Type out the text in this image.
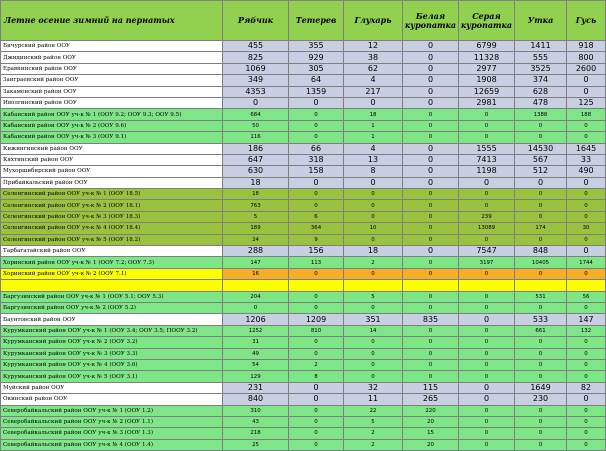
Летне осение зимний на пернатых	Рябчик	Тетерев	Глухарь	Белая куропатка	Серая куропатка	Утка	Гусь
Бичурский район ООУ	455	355	12	0	6799	1411	918
Джидинский район ООУ	825	929	38	0	11328	555	800
Еравнинский район ООУ	1069	305	62	0	2977	3525	2600
Заиграевский район ООУ	349	64	4	0	1908	374	0
Закаменский район ООУ	4353	1359	217	0	12659	628	0
Иволгинский район ООУ	0	0	0	0	2981	478	125
Кабанский район ООУ уч-к № 1 (ООУ 9.2; ООУ 9.3; ООУ 9.5)	684	0	18	0	0	1388	188
Кабанский район ООУ уч-к № 2 (ООУ 9.6)	50	0	1	0	0	0	0
Кабанский район ООУ уч-к № 3 (ООУ 9.1)	116	0	1	0	0	0	0
Кижингинский район ООУ	186	66	4	0	1555	14530	1645
Кяхтинский район ООУ	647	318	13	0	7413	567	33
Мухоршибирский район ООУ	630	158	8	0	1198	512	490
Прибайкальский район ООУ	18	0	0	0	0	0	0
Селенгинский район ООУ уч-к № 1 (ООУ 18.5)	18	0	0	0	0	0	0
Селенгинский район ООУ уч-к № 2 (ООУ 18.1)	763	0	0	0	0	0	0
Селенгинский район ООУ уч-к № 3 (ООУ 18.3)	5	6	0	0	239	0	0
Селенгинский район ООУ уч-к № 4 (ООУ 18.4)	189	364	10	0	13089	174	30
Селенгинский район ООУ уч-к № 5 (ООУ 18.2)	24	9	0	0	0	0	0
Тарбагатайский район ООУ	288	156	18	0	7547	848	0
Хоринский район ООУ уч-к № 1 (ООУ 7.2; ООУ 7.3)	147	113	2	0	3197	10405	1744
Хоринский район ООУ уч-к № 2 (ООУ 7.1)	16	0	0	0	0	0	0

Баргузинский район ООУ уч-к № 1 (ООУ 5.1; ООУ 5.3)	204	0	5	0	0	531	56
Баргузинский район ООУ уч-к № 2 (ООУ 5.2)	0	0	0	0	0	0	0
Баунтовский район ООУ	1206	1209	351	835	0	533	147
Курумканский район ООУ уч-к № 1 (ООУ 3.4; ООУ 3.5; ПООУ 3.2)	1252	810	14	0	0	661	132
Курумканский район ООУ уч-к № 2 (ООУ 3.2)	31	0	0	0	0	0	0
Курумканский район ООУ уч-к № 3 (ООУ 3.3)	49	0	0	0	0	0	0
Курумканский район ООУ уч-к № 4 (ООУ 3.6)	54	2	0	0	0	0	0
Курумканский район ООУ уч-к № 5 (ООУ 3.1)	129	8	0	0	0	0	0
Муйский район ООУ	231	0	32	115	0	1649	82
Окинский район ООУ	840	0	11	265	0	230	0
Северобайкальский район ООУ уч-к № 1 (ООУ 1.2)	310	0	22	220	0	0	0
Северобайкальский район ООУ уч-к № 2 (ООУ 1.1)	43	0	5	20	0	0	0
Северобайкальский район ООУ уч-к № 3 (ООУ 1.3)	218	0	2	15	0	0	0
Северобайкальский район ООУ уч-к № 4 (ООУ 1.4)	25	0	2	20	0	0	0
